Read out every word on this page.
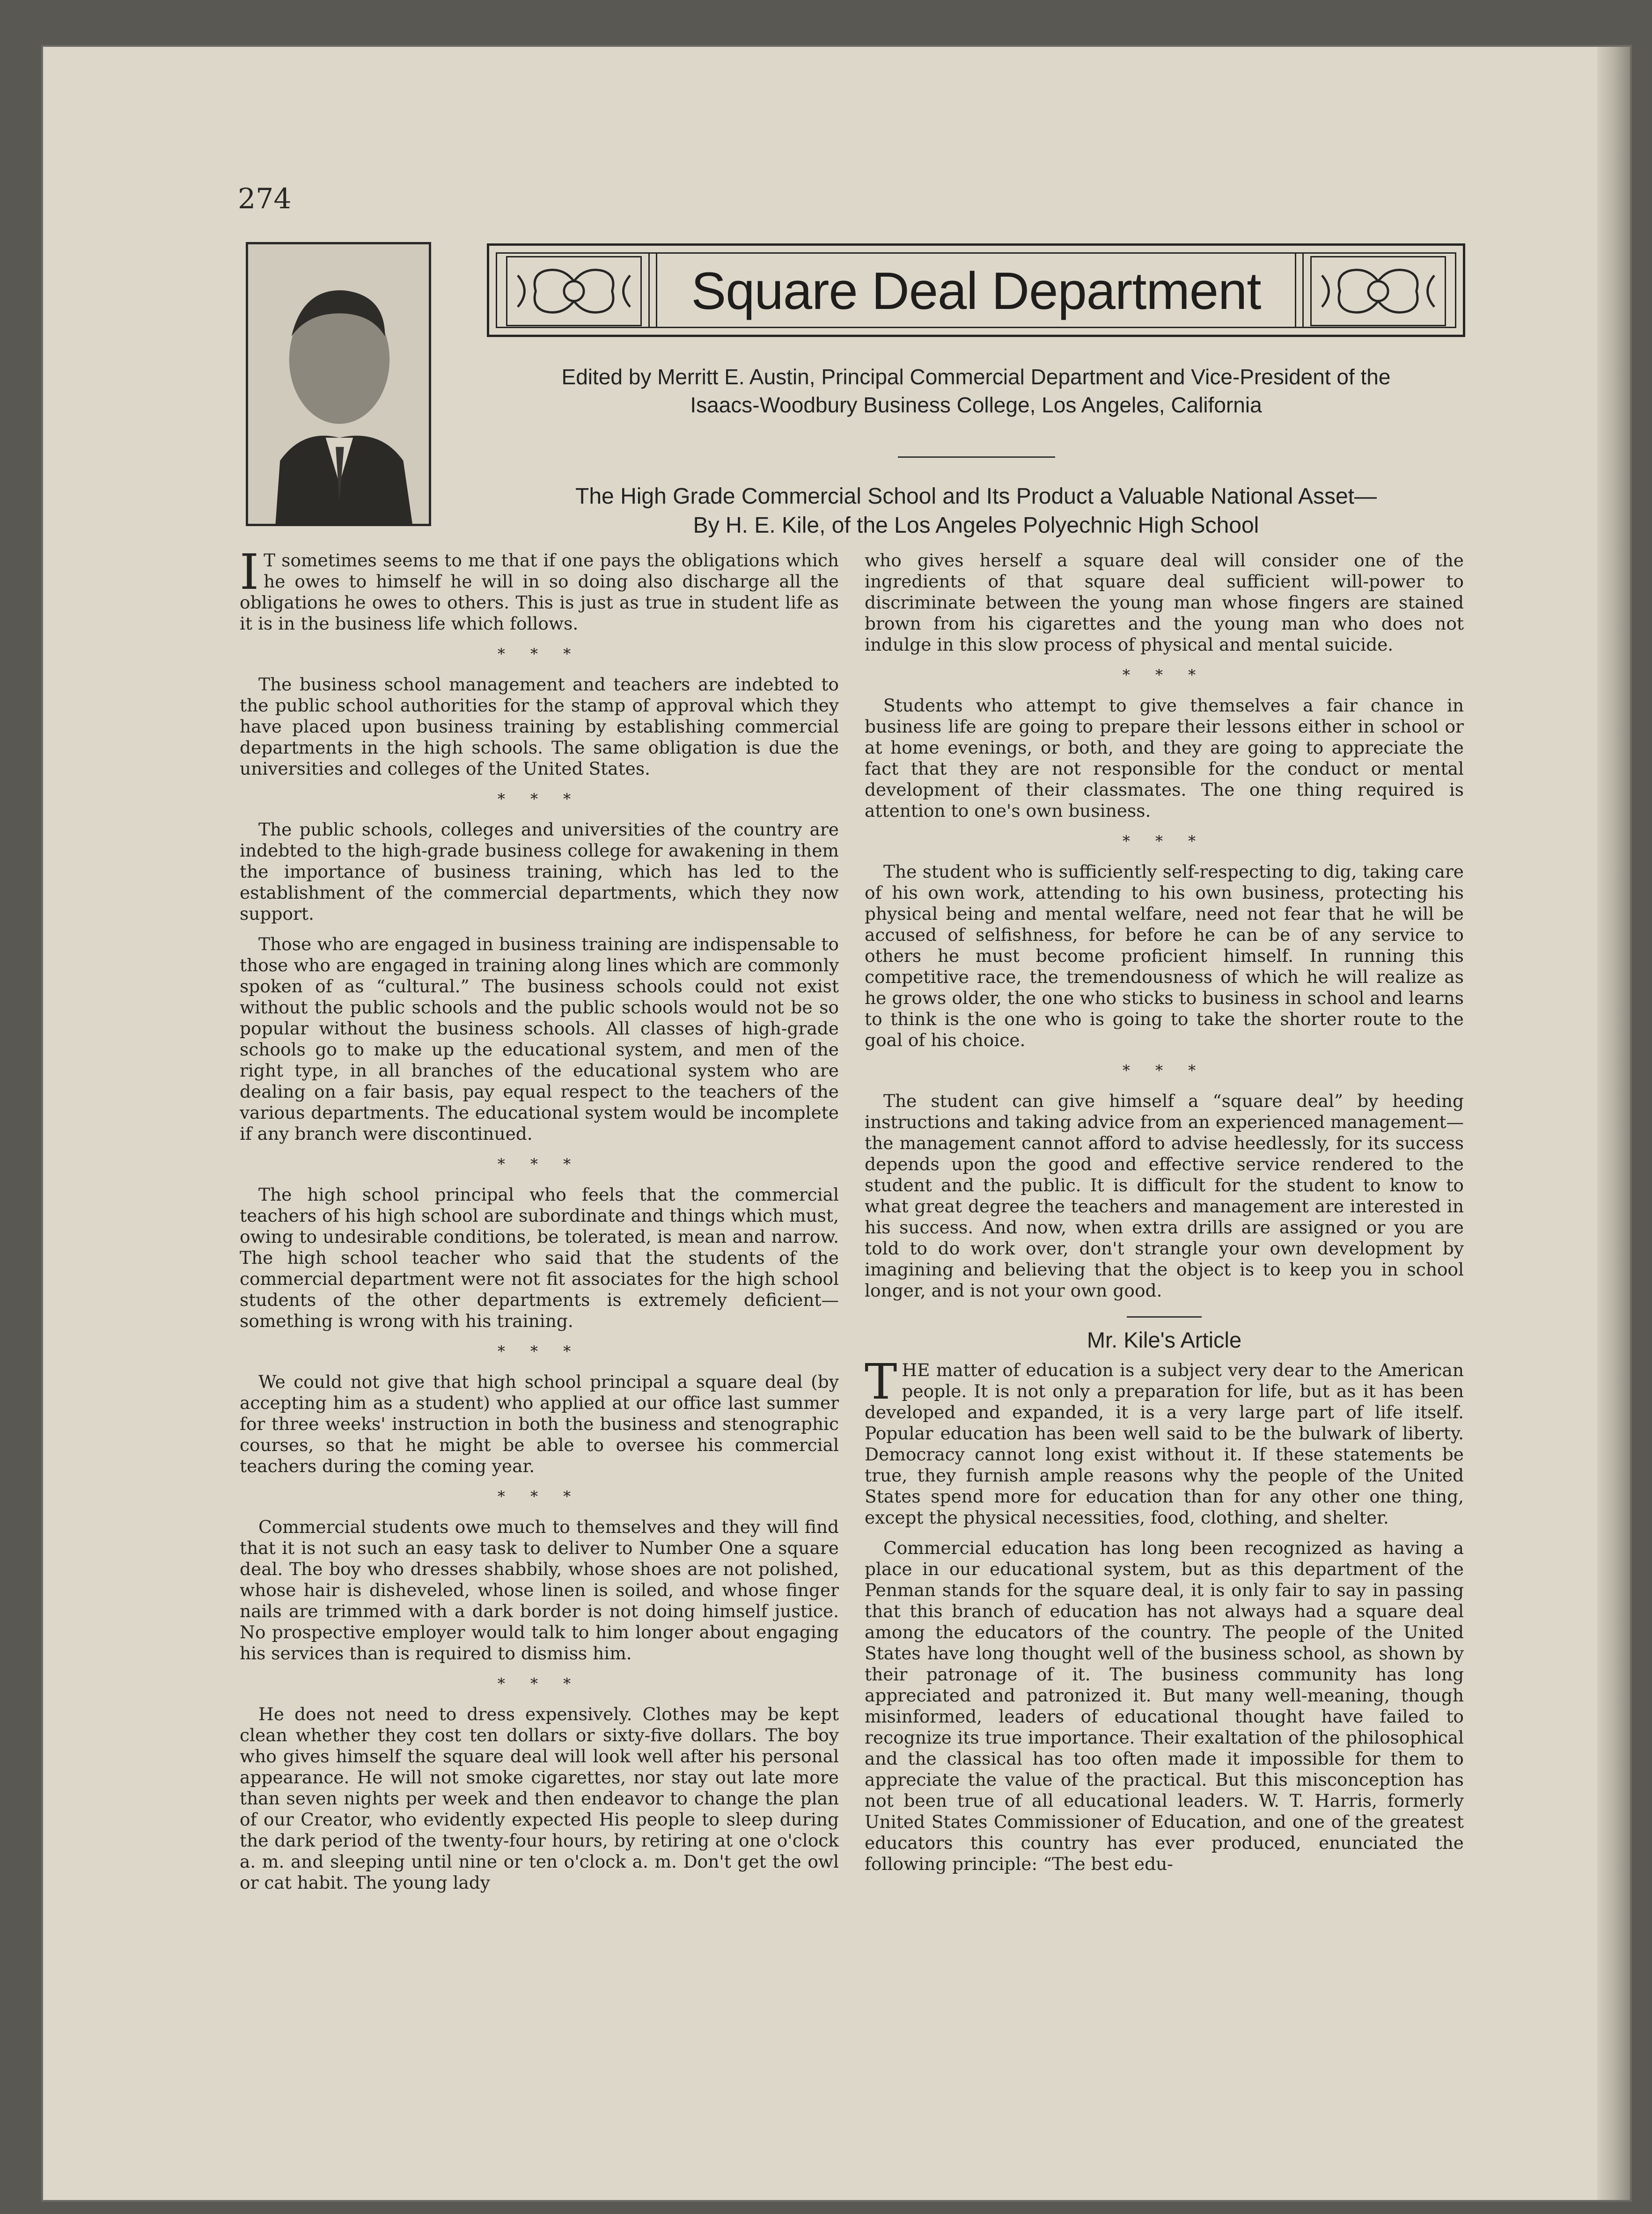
274
Square Deal Department
Edited by Merritt E. Austin, Principal Commercial Department and Vice-President of the
Isaacs-Woodbury Business College, Los Angeles, California
The High Grade Commercial School and Its Product a Valuable National Asset—
By H. E. Kile, of the Los Angeles Polyechnic High School

I T sometimes seems to me that if one pays the obligations which he owes to himself he will in so doing also discharge all the obligations he owes to others. This is just as true in student life as it is in the business life which follows.

* * *

The business school management and teachers are indebted to the public school authorities for the stamp of approval which they have placed upon business training by establishing commercial departments in the high schools. The same obligation is due the universities and colleges of the United States.

* * *

The public schools, colleges and universities of the country are indebted to the high-grade business college for awakening in them the importance of business training, which has led to the establishment of the commercial departments, which they now support.

Those who are engaged in business training are indispensable to those who are engaged in training along lines which are commonly spoken of as “cultural.” The business schools could not exist without the public schools and the public schools would not be so popular without the business schools. All classes of high-grade schools go to make up the educational system, and men of the right type, in all branches of the educational system who are dealing on a fair basis, pay equal respect to the teachers of the various departments. The educational system would be incomplete if any branch were discontinued.

* * *

The high school principal who feels that the commercial teachers of his high school are subordinate and things which must, owing to undesirable conditions, be tolerated, is mean and narrow. The high school teacher who said that the students of the commercial department were not fit associates for the high school students of the other departments is extremely deficient—something is wrong with his training.

* * *

We could not give that high school principal a square deal (by accepting him as a student) who applied at our office last summer for three weeks' instruction in both the business and stenographic courses, so that he might be able to oversee his commercial teachers during the coming year.

* * *

Commercial students owe much to themselves and they will find that it is not such an easy task to deliver to Number One a square deal. The boy who dresses shabbily, whose shoes are not polished, whose hair is disheveled, whose linen is soiled, and whose finger nails are trimmed with a dark border is not doing himself justice. No prospective employer would talk to him longer about engaging his services than is required to dismiss him.

* * *

He does not need to dress expensively. Clothes may be kept clean whether they cost ten dollars or sixty-five dollars. The boy who gives himself the square deal will look well after his personal appearance. He will not smoke cigarettes, nor stay out late more than seven nights per week and then endeavor to change the plan of our Creator, who evidently expected His people to sleep during the dark period of the twenty-four hours, by retiring at one o'clock a. m. and sleeping until nine or ten o'clock a. m. Don't get the owl or cat habit. The young lady

who gives herself a square deal will consider one of the ingredients of that square deal sufficient will-power to discriminate between the young man whose fingers are stained brown from his cigarettes and the young man who does not indulge in this slow process of physical and mental suicide.

* * *

Students who attempt to give themselves a fair chance in business life are going to prepare their lessons either in school or at home evenings, or both, and they are going to appreciate the fact that they are not responsible for the conduct or mental development of their classmates. The one thing required is attention to one's own business.

* * *

The student who is sufficiently self-respecting to dig, taking care of his own work, attending to his own business, protecting his physical being and mental welfare, need not fear that he will be accused of selfishness, for before he can be of any service to others he must become proficient himself. In running this competitive race, the tremendousness of which he will realize as he grows older, the one who sticks to business in school and learns to think is the one who is going to take the shorter route to the goal of his choice.

* * *

The student can give himself a “square deal” by heeding instructions and taking advice from an experienced management—the management cannot afford to advise heedlessly, for its success depends upon the good and effective service rendered to the student and the public. It is difficult for the student to know to what great degree the teachers and management are interested in his success. And now, when extra drills are assigned or you are told to do work over, don't strangle your own development by imagining and believing that the object is to keep you in school longer, and is not your own good.

Mr. Kile's Article

THE matter of education is a subject very dear to the American people. It is not only a preparation for life, but as it has been developed and expanded, it is a very large part of life itself. Popular education has been well said to be the bulwark of liberty. Democracy cannot long exist without it. If these statements be true, they furnish ample reasons why the people of the United States spend more for education than for any other one thing, except the physical necessities, food, clothing, and shelter.

Commercial education has long been recognized as having a place in our educational system, but as this department of the Penman stands for the square deal, it is only fair to say in passing that this branch of education has not always had a square deal among the educators of the country. The people of the United States have long thought well of the business school, as shown by their patronage of it. The business community has long appreciated and patronized it. But many well-meaning, though misinformed, leaders of educational thought have failed to recognize its true importance. Their exaltation of the philosophical and the classical has too often made it impossible for them to appreciate the value of the practical. But this misconception has not been true of all educational leaders. W. T. Harris, formerly United States Commissioner of Education, and one of the greatest educators this country has ever produced, enunciated the following principle: “The best edu-
